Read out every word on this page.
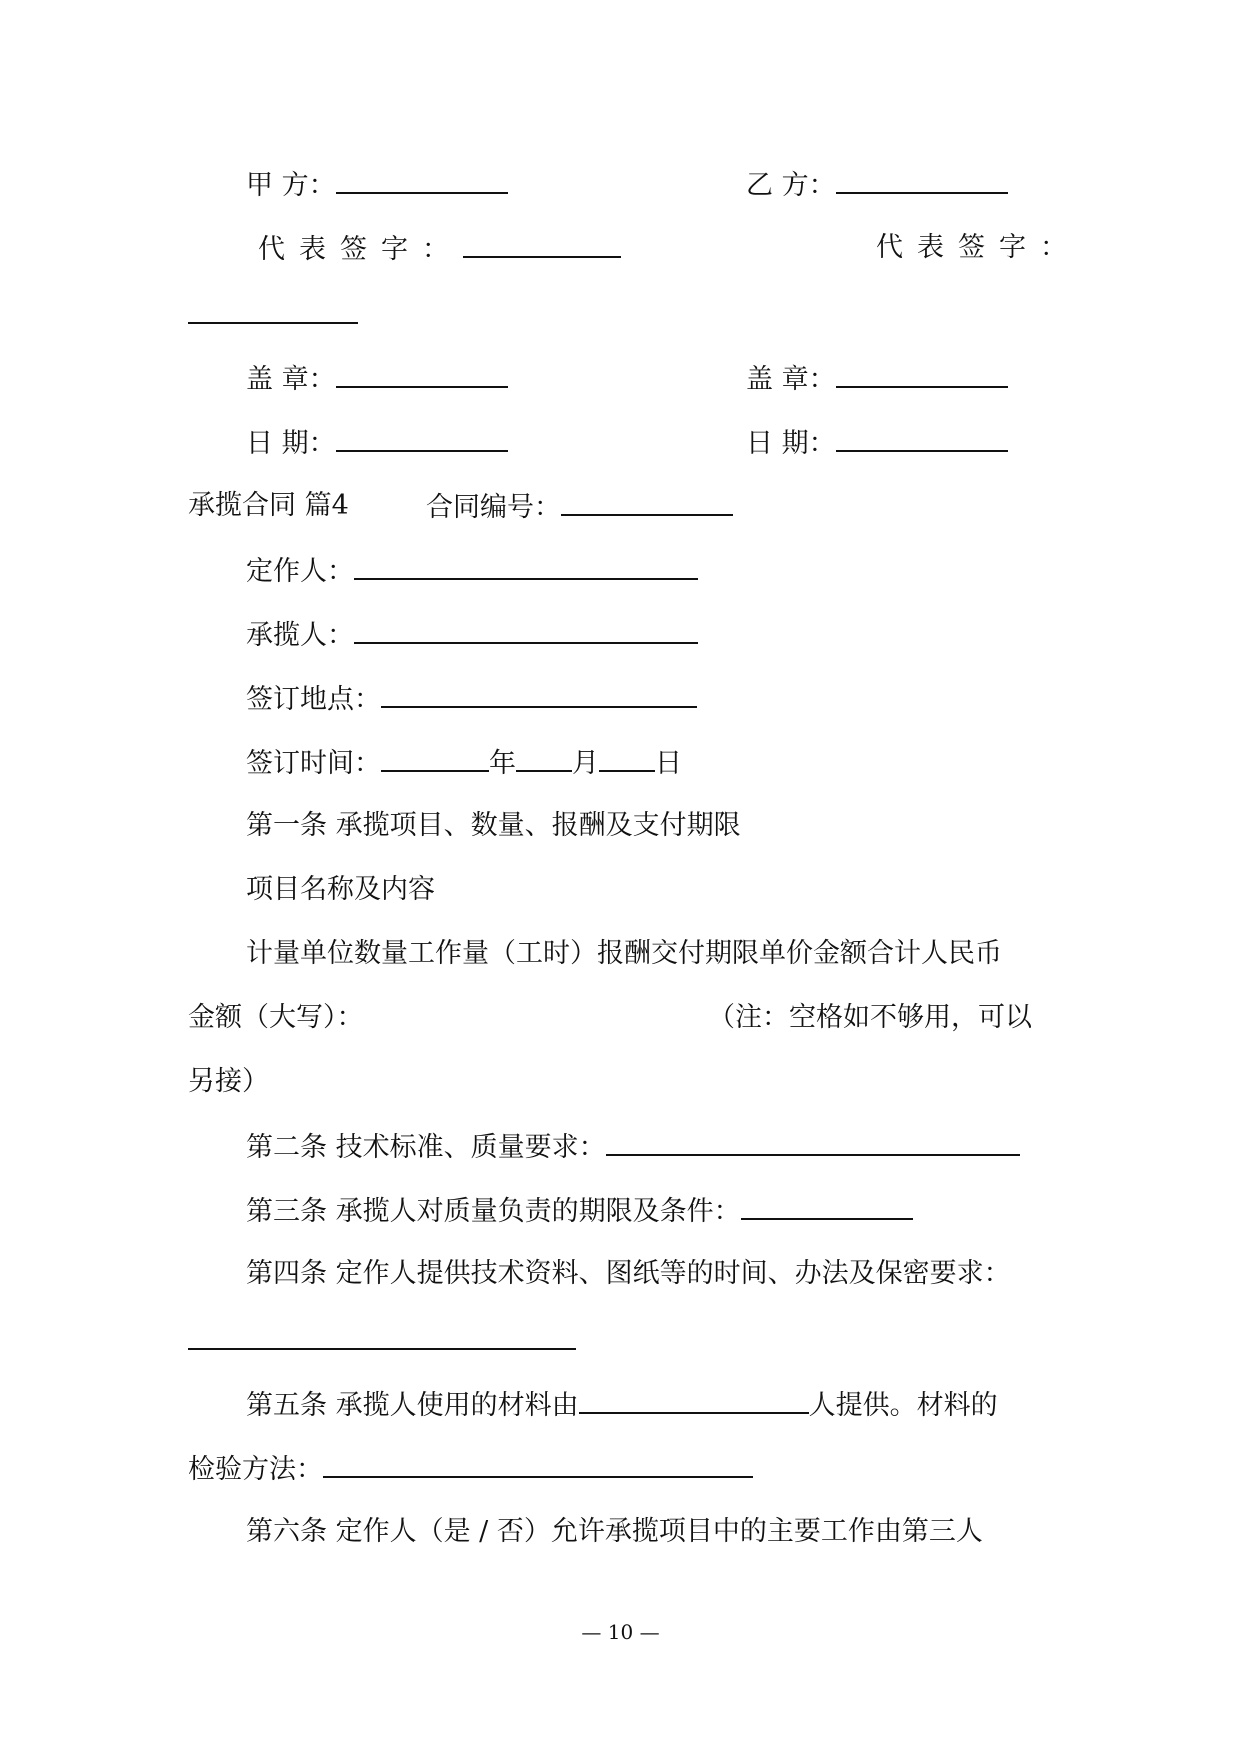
甲 方：	乙 方：
代表签字：	代表签字：
盖 章：	盖 章：
日 期：	日 期：
承揽合同 篇4	合同编号：
定作人：
承揽人：
签订地点：
签订时间：	年 月 日
第一条 承揽项目、数量、报酬及支付期限
项目名称及内容
计量单位数量工作量（工时）报酬交付期限单价金额合计人民币
金额（大写）：	（注：空格如不够用，可以
另接）
第二条 技术标准、质量要求：
第三条 承揽人对质量负责的期限及条件：
第四条 定作人提供技术资料、图纸等的时间、办法及保密要求：
第五条 承揽人使用的材料由	人提供。材料的
检验方法：
第六条 定作人（是 / 否）允许承揽项目中的主要工作由第三人
— 10 —
